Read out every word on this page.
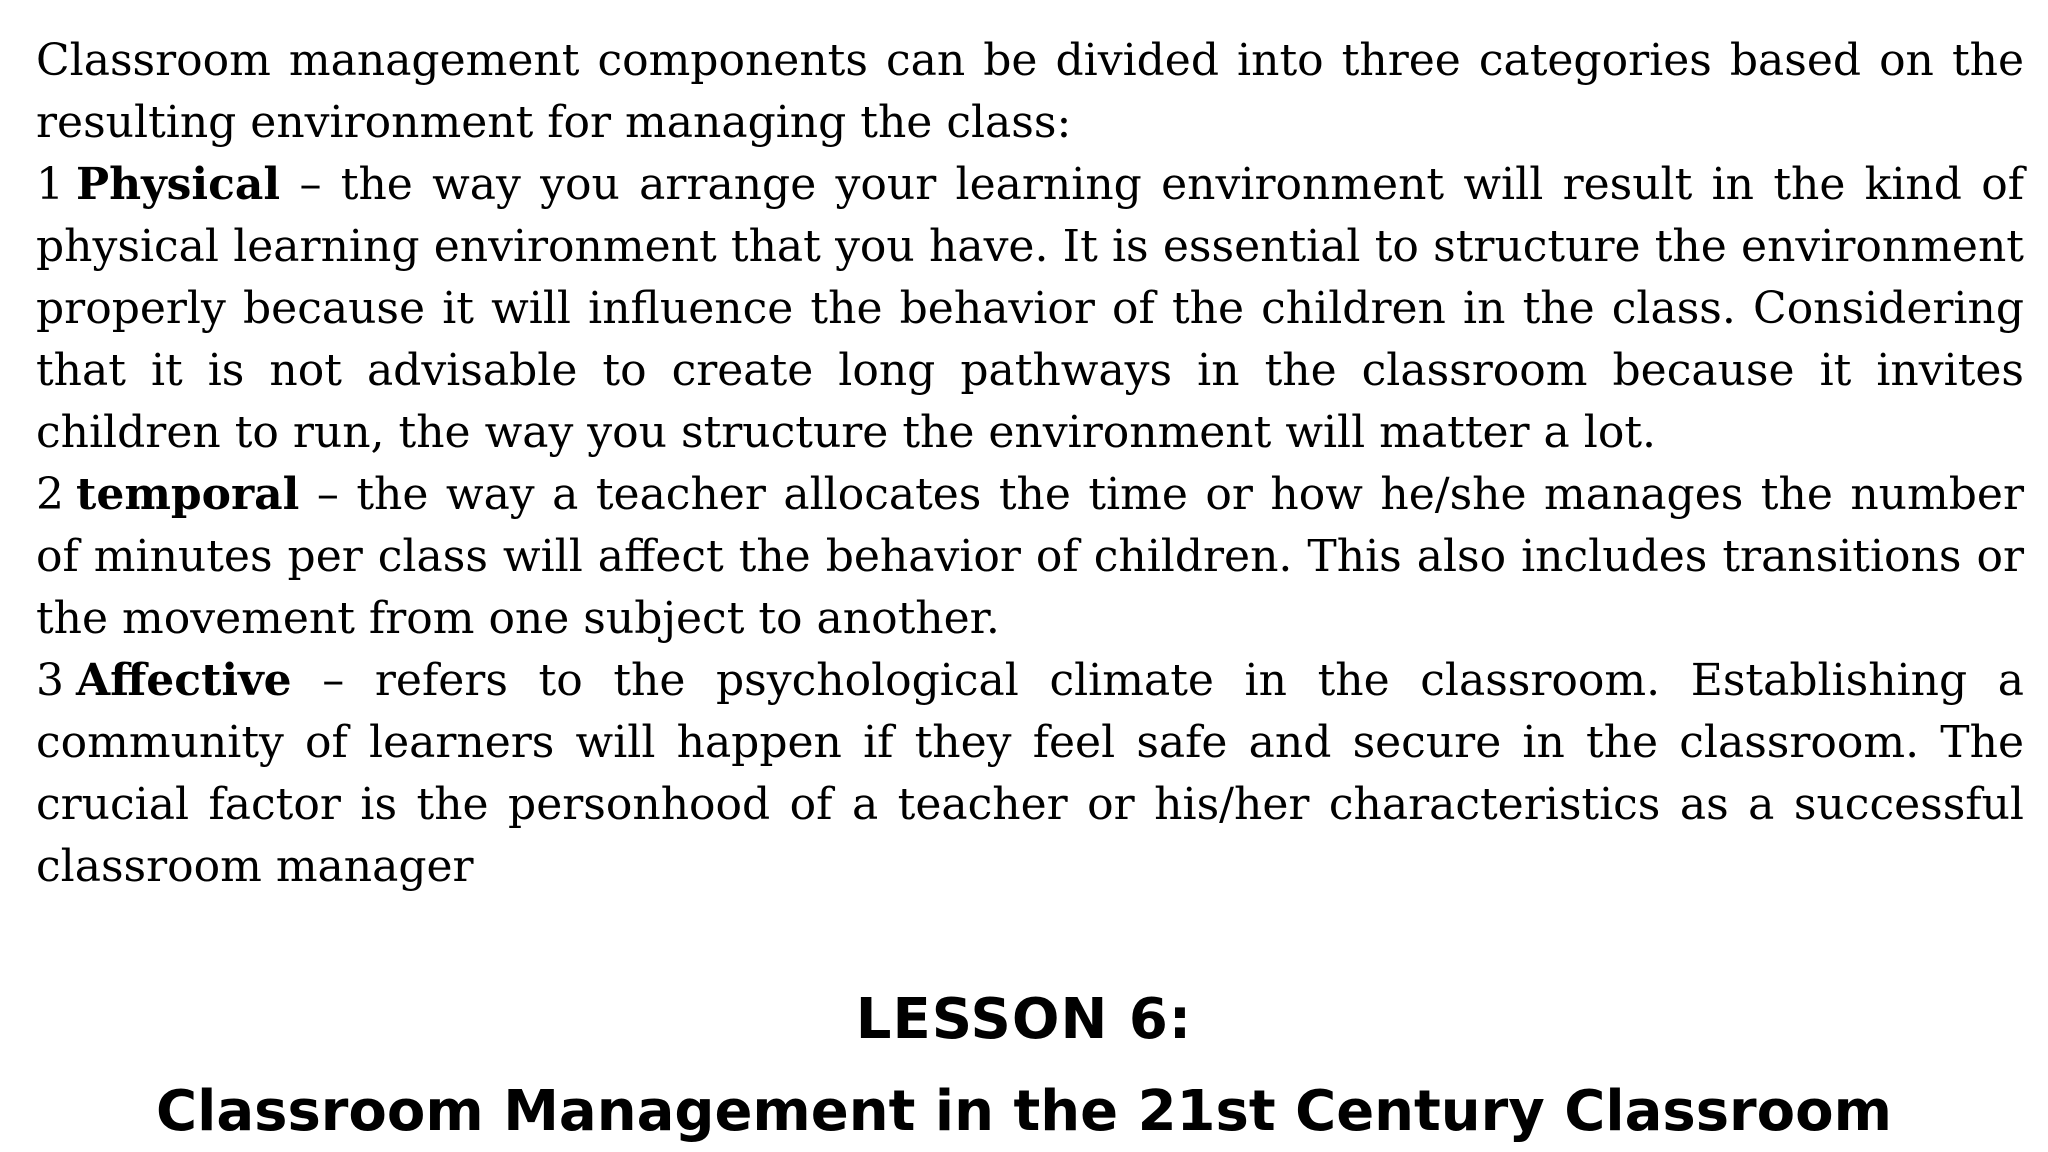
Classroom management components can be divided into three categories based on the resulting environment for managing the class:

1 Physical – the way you arrange your learning environment will result in the kind of physical learning environment that you have. It is essential to structure the environment properly because it will influence the behavior of the children in the class. Considering that it is not advisable to create long pathways in the classroom because it invites children to run, the way you structure the environment will matter a lot.

2 temporal – the way a teacher allocates the time or how he/she manages the number of minutes per class will affect the behavior of children. This also includes transitions or the movement from one subject to another.

3 Affective – refers to the psychological climate in the classroom. Establishing a community of learners will happen if they feel safe and secure in the classroom. The crucial factor is the personhood of a teacher or his/her characteristics as a successful classroom manager

LESSON 6:

Classroom Management in the 21st Century Classroom
